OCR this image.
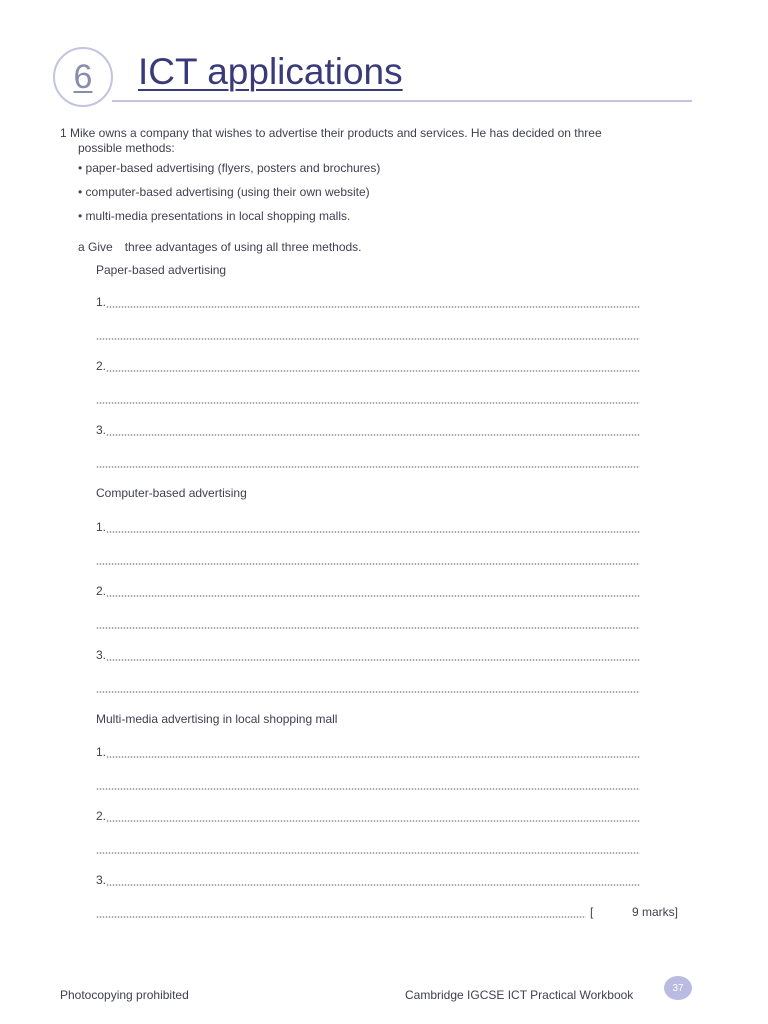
6 ICT applications
1 Mike owns a company that wishes to advertise their products and services. He has decided on three
possible methods:
• paper-based advertising (flyers, posters and brochures)
• computer-based advertising (using their own website)
• multi-media presentations in local shopping malls.
a Give three advantages of using all three methods.
Paper-based advertising
1.
2.
3.
Computer-based advertising
1.
2.
3.
Multi-media advertising in local shopping mall
1.
2.
3.
[	9 marks]
Photocopying prohibited	Cambridge IGCSE ICT Practical Workbook	37
